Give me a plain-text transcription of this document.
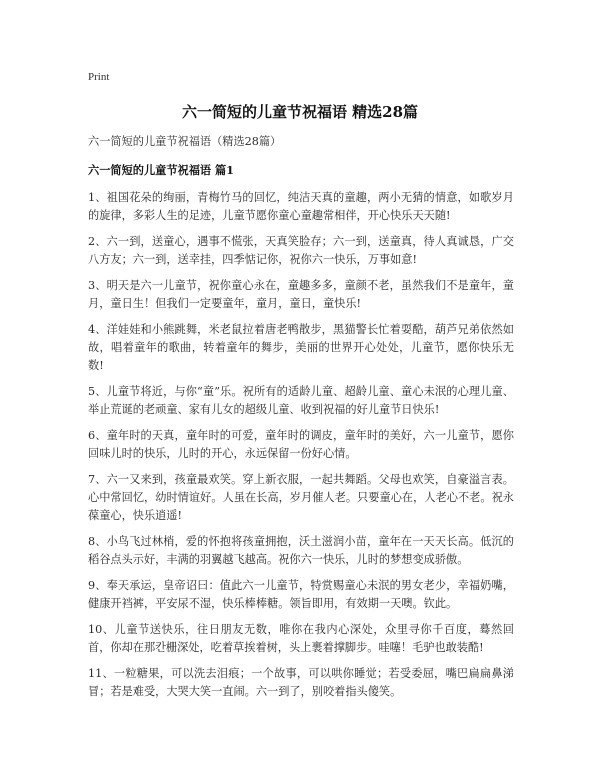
Print
六一简短的儿童节祝福语 精选28篇

六一简短的儿童节祝福语（精选28篇）

六一简短的儿童节祝福语 篇1

1、祖国花朵的绚丽，青梅竹马的回忆，纯洁天真的童趣，两小无猜的情意，如歌岁月的旋律，多彩人生的足迹，儿童节愿你童心童趣常相伴，开心快乐天天随!

2、六一到，送童心，遇事不慌张，天真笑脸存；六一到，送童真，待人真诚恳，广交八方友；六一到，送幸挂，四季惦记你，祝你六一快乐，万事如意!

3、明天是六一儿童节，祝你童心永在，童趣多多，童颜不老，虽然我们不是童年，童月，童日生！但我们一定要童年，童月，童日，童快乐!

4、洋娃娃和小熊跳舞，米老鼠拉着唐老鸭散步，黑猫警长忙着耍酷，葫芦兄弟依然如故，唱着童年的歌曲，转着童年的舞步，美丽的世界开心处处，儿童节，愿你快乐无数!

5、儿童节将近，与你“童”乐。祝所有的适龄儿童、超龄儿童、童心未泯的心理儿童、举止荒诞的老顽童、家有儿女的超级儿童、收到祝福的好儿童节日快乐!

6、童年时的天真，童年时的可爱，童年时的调皮，童年时的美好，六一儿童节，愿你回味儿时的快乐，儿时的开心，永远保留一份好心情。

7、六一又来到，孩童最欢笑。穿上新衣服，一起共舞蹈。父母也欢笑，自豪溢言表。心中常回忆，幼时情谊好。人虽在长高，岁月催人老。只要童心在，人老心不老。祝永葆童心，快乐逍遥!

8、小鸟飞过林梢，爱的怀抱将孩童拥抱，沃土滋润小苗，童年在一天天长高。低沉的稻谷点头示好，丰满的羽翼越飞越高。祝你六一快乐，儿时的梦想变成骄傲。

9、奉天承运，皇帝诏曰：值此六一儿童节，特赏赐童心未泯的男女老少，幸福奶嘴，健康开裆裤，平安尿不湿，快乐棒棒糖。领旨即用，有效期一天噢。钦此。

10、儿童节送快乐，往日朋友无数，唯你在我内心深处，众里寻你千百度，蓦然回首，你却在那칸栅深处，吃着草挨着树，头上裹着撑脚步。哇噻！毛驴也敢装酷!

11、一粒糖果，可以洗去泪痕；一个故事，可以哄你睡觉；若受委屈，嘴巴扁扁鼻涕冒；若是难受，大哭大笑一直闹。六一到了，别咬着指头傻笑。
